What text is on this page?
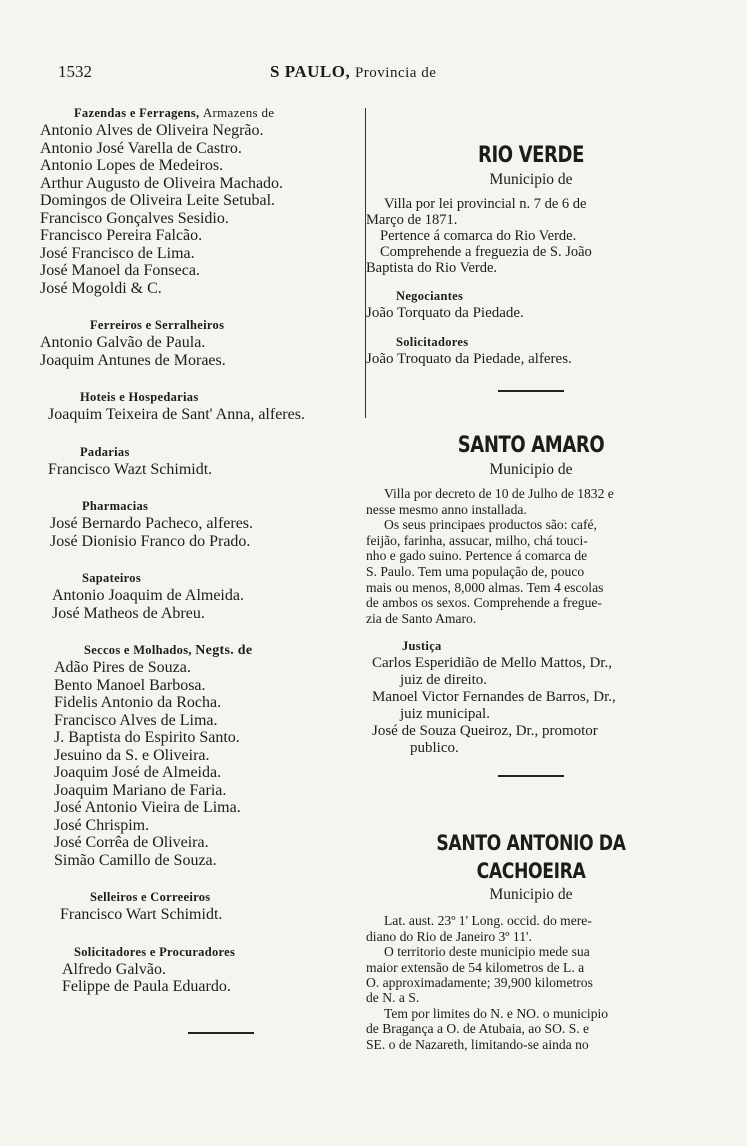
1532	S PAULO, Provincia de
Fazendas e Ferragens, Armazens de
Antonio Alves de Oliveira Negrão.
Antonio José Varella de Castro.
Antonio Lopes de Medeiros.
Arthur Augusto de Oliveira Machado.
Domingos de Oliveira Leite Setubal.
Francisco Gonçalves Sesidio.
Francisco Pereira Falcão.
José Francisco de Lima.
José Manoel da Fonseca.
José Mogoldi & C.
Ferreiros e Serralheiros
Antonio Galvão de Paula.
Joaquim Antunes de Moraes.
Hoteis e Hospedarias
Joaquim Teixeira de Sant' Anna, alferes.
Padarias
Francisco Wazt Schimidt.
Pharmacias
José Bernardo Pacheco, alferes.
José Dionisio Franco do Prado.
Sapateiros
Antonio Joaquim de Almeida.
José Matheos de Abreu.
Seccos e Molhados, Negts. de
Adão Pires de Souza.
Bento Manoel Barbosa.
Fidelis Antonio da Rocha.
Francisco Alves de Lima.
J. Baptista do Espirito Santo.
Jesuino da S. e Oliveira.
Joaquim José de Almeida.
Joaquim Mariano de Faria.
José Antonio Vieira de Lima.
José Chrispim.
José Corrêa de Oliveira.
Simão Camillo de Souza.
Selleiros e Correeiros
Francisco Wart Schimidt.
Solicitadores e Procuradores
Alfredo Galvão.
Felippe de Paula Eduardo.
RIO VERDE
Municipio de
Villa por lei provincial n. 7 de 6 de
Março de 1871.
Pertence á comarca do Rio Verde.
Comprehende a freguezia de S. João
Baptista do Rio Verde.
Negociantes
João Torquato da Piedade.
Solicitadores
João Troquato da Piedade, alferes.
SANTO AMARO
Municipio de
Villa por decreto de 10 de Julho de 1832 e
nesse mesmo anno installada.
Os seus principaes productos são: café,
feijão, farinha, assucar, milho, chá touci-
nho e gado suino. Pertence á comarca de
S. Paulo. Tem uma população de, pouco
mais ou menos, 8,000 almas. Tem 4 escolas
de ambos os sexos. Comprehende a fregue-
zia de Santo Amaro.
Justiça
Carlos Esperidião de Mello Mattos, Dr.,
juiz de direito.
Manoel Victor Fernandes de Barros, Dr.,
juiz municipal.
José de Souza Queiroz, Dr., promotor
publico.
SANTO ANTONIO DA CACHOEIRA
Municipio de
Lat. aust. 23º 1' Long. occid. do mere-
diano do Rio de Janeiro 3º 11'.
O territorio deste municipio mede sua
maior extensão de 54 kilometros de L. a
O. approximadamente; 39,900 kilometros
de N. a S.
Tem por limites do N. e NO. o municipio
de Bragança a O. de Atubaia, ao SO. S. e
SE. o de Nazareth, limitando-se ainda no
